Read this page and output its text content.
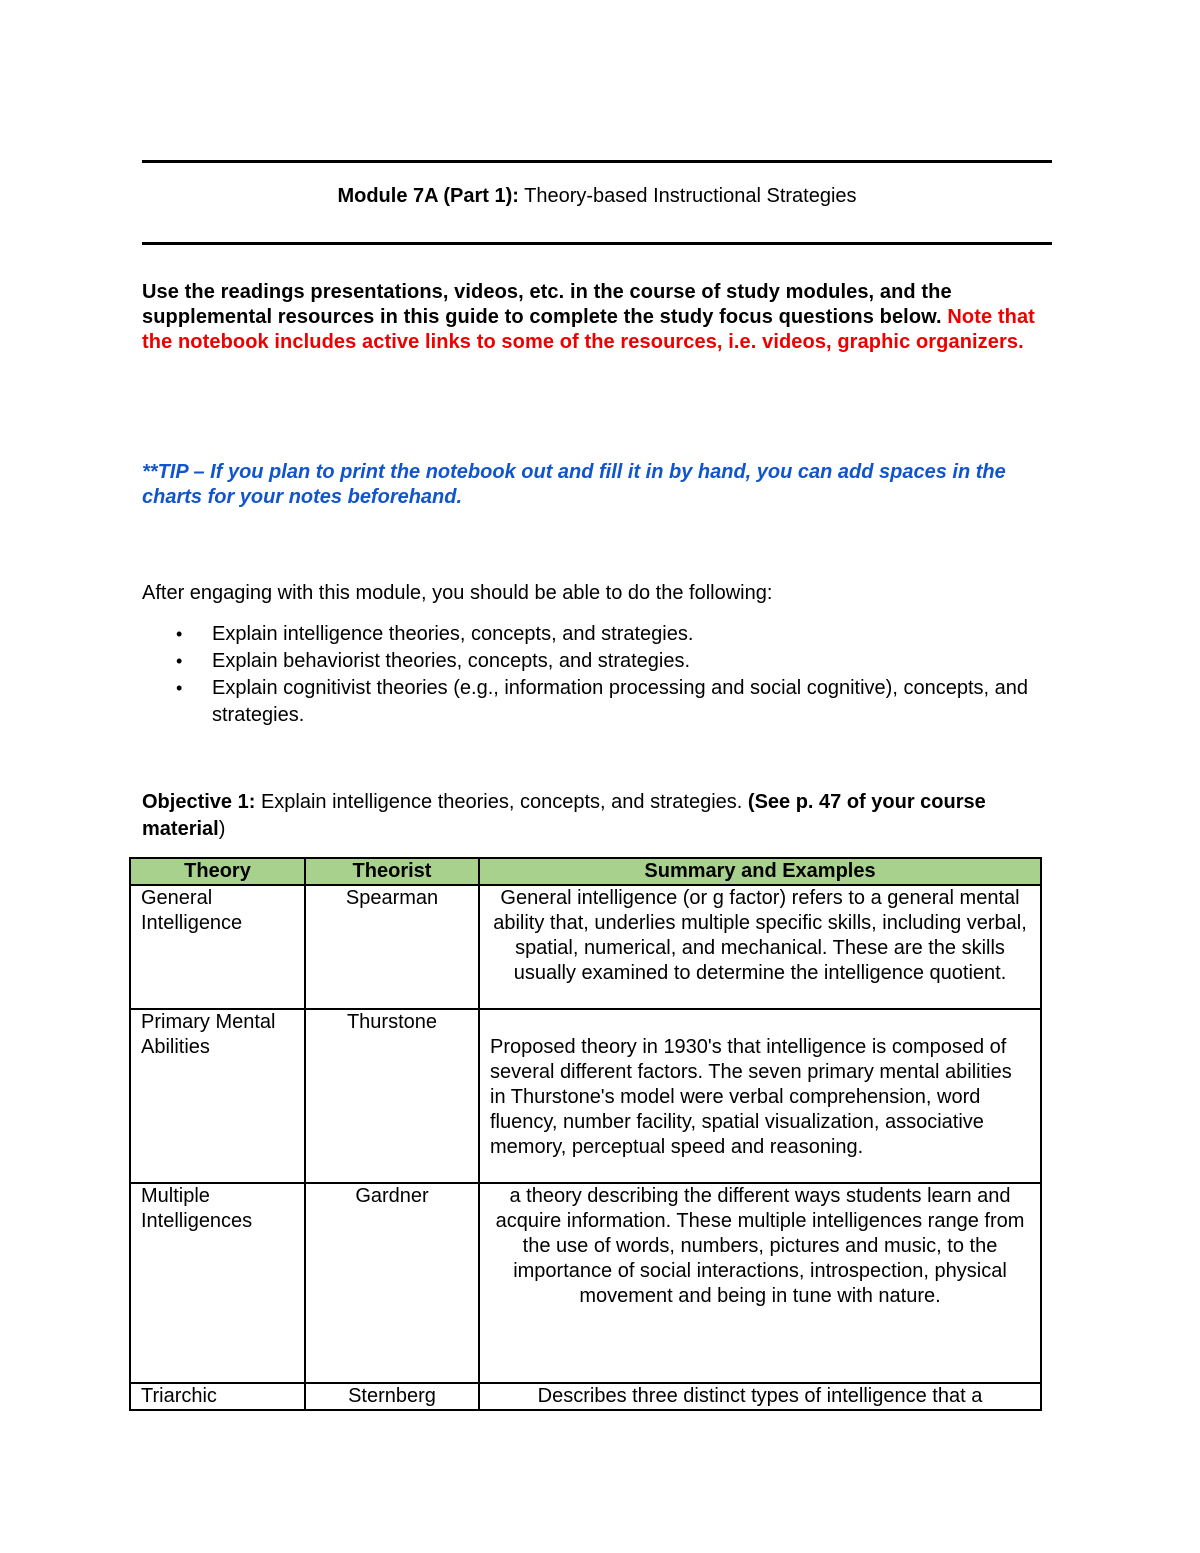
Module 7A (Part 1): Theory-based Instructional Strategies
Use the readings presentations, videos, etc. in the course of study modules, and the supplemental resources in this guide to complete the study focus questions below. Note that the notebook includes active links to some of the resources, i.e. videos, graphic organizers.
**TIP – If you plan to print the notebook out and fill it in by hand, you can add spaces in the charts for your notes beforehand.
After engaging with this module, you should be able to do the following:
• Explain intelligence theories, concepts, and strategies.
• Explain behaviorist theories, concepts, and strategies.
• Explain cognitivist theories (e.g., information processing and social cognitive), concepts, and strategies.
Objective 1: Explain intelligence theories, concepts, and strategies. (See p. 47 of your course material)
Theory	Theorist	Summary and Examples
General Intelligence	Spearman	General intelligence (or g factor) refers to a general mental ability that, underlies multiple specific skills, including verbal, spatial, numerical, and mechanical. These are the skills usually examined to determine the intelligence quotient.
Primary Mental Abilities	Thurstone	Proposed theory in 1930's that intelligence is composed of several different factors. The seven primary mental abilities in Thurstone's model were verbal comprehension, word fluency, number facility, spatial visualization, associative memory, perceptual speed and reasoning.
Multiple Intelligences	Gardner	a theory describing the different ways students learn and acquire information. These multiple intelligences range from the use of words, numbers, pictures and music, to the importance of social interactions, introspection, physical movement and being in tune with nature.
Triarchic	Sternberg	Describes three distinct types of intelligence that a
